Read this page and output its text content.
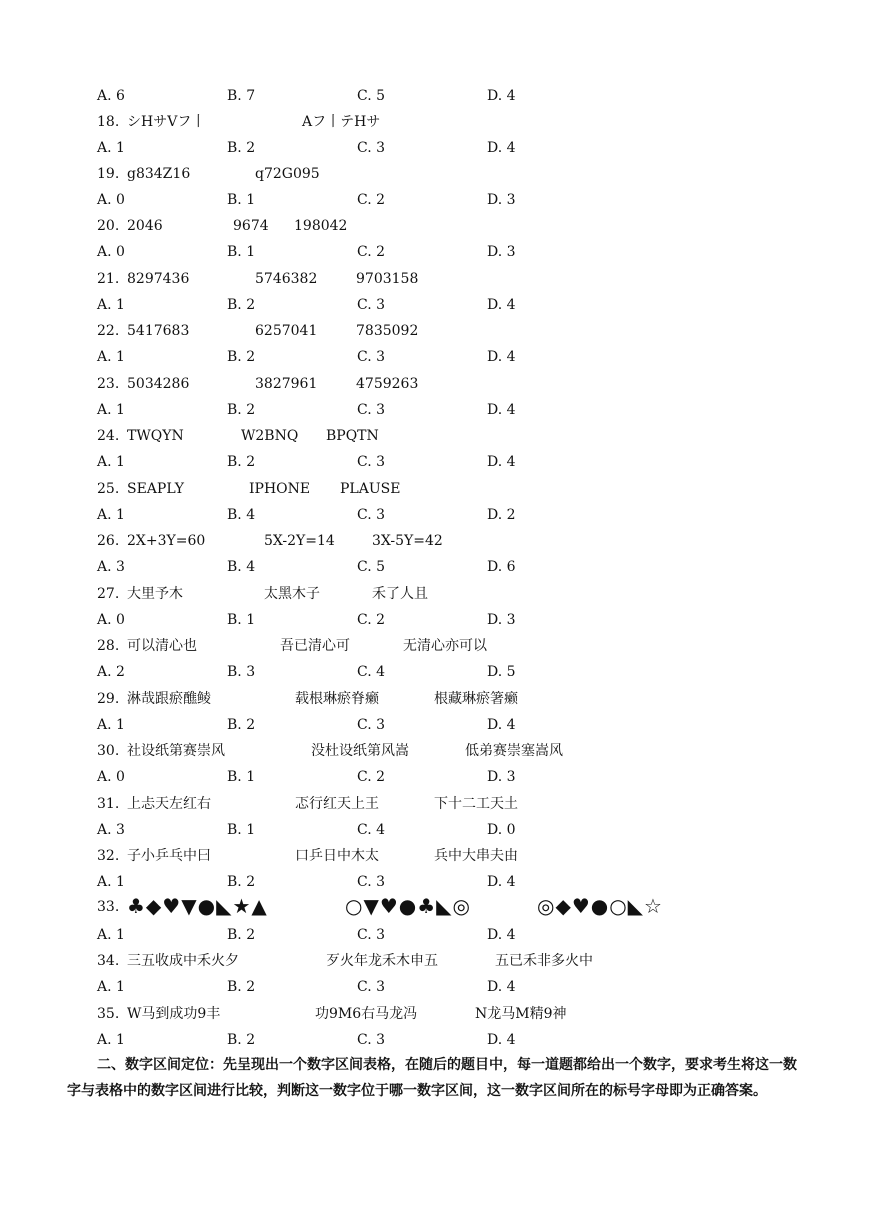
A. 6	B. 7	C. 5	D. 4
18. シHサVフ丨	Aフ丨テHサ
A. 1	B. 2	C. 3	D. 4
19. g834Z16	q72G095
A. 0	B. 1	C. 2	D. 3
20. 2046	9674 198042
A. 0	B. 1	C. 2	D. 3
21. 8297436	5746382	9703158
A. 1	B. 2	C. 3	D. 4
22. 5417683	6257041	7835092
A. 1	B. 2	C. 3	D. 4
23. 5034286	3827961	4759263
A. 1	B. 2	C. 3	D. 4
24. TWQYN	W2BNQ BPQTN
A. 1	B. 2	C. 3	D. 4
25. SEAPLY	IPHONE PLAUSE
A. 1	B. 4	C. 3	D. 2
26. 2X+3Y=60	5X-2Y=14	3X-5Y=42
A. 3	B. 4	C. 5	D. 6
27. 大里予木	太黑木子	禾了人且
A. 0	B. 1	C. 2	D. 3
28. 可以清心也	吾已清心可	无清心亦可以
A. 2	B. 3	C. 4	D. 5
29. 淋哉跟瘀醮鲮	载根琳瘀脊癞	根藏琳瘀箸癞
A. 1	B. 2	C. 3	D. 4
30. 社设纸第赛崇风	没杜设纸第风嵩	低弟赛崇塞嵩风
A. 0	B. 1	C. 2	D. 3
31. 上忐天左红右	忑行红天上王	下十二工天土
A. 3	B. 1	C. 4	D. 0
32. 子小乒乓中曰	口乒日中木太	兵中大串夫由
A. 1	B. 2	C. 3	D. 4
33. ♣◆♥▼●◣★▲	○▼♥●♣◣◎	◎◆♥●○◣☆
A. 1	B. 2	C. 3	D. 4
34. 三五收成中禾火夕	歹火年龙禾木申五	五已禾非多火中
A. 1	B. 2	C. 3	D. 4
35. W马到成功9丰	功9M6右马龙冯	N龙马M精9神
A. 1	B. 2	C. 3	D. 4
二、数字区间定位：先呈现出一个数字区间表格，在随后的题目中，每一道题都给出一个数字，要求考生将这一数字与表格中的数字区间进行比较，判断这一数字位于哪一数字区间，这一数字区间所在的标号字母即为正确答案。
